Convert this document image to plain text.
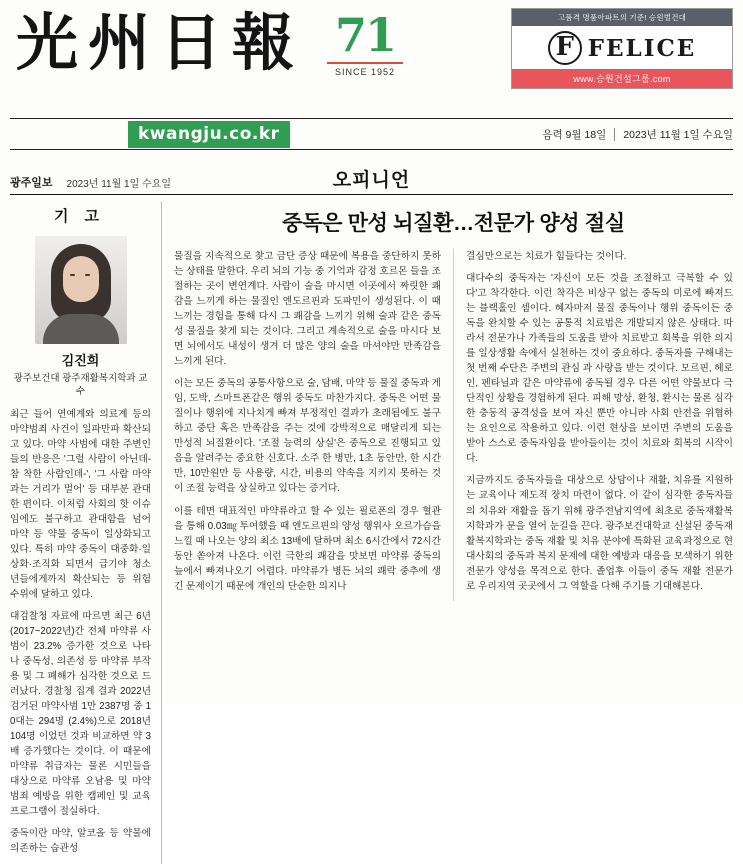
光州日報 71
SINCE 1952
고품격 명품아파트의 기준! 승원벌건대
F FELICE
www.승원건설그룹.com
kwangju.co.kr	음력 9월 18일	2023년 11월 1일 수요일
광주일보 2023년 11월 1일 수요일	오피니언
기고
김진희
광주보건대 광주재활복지학과 교수

최근 들어 연예계와 의료계 등의 마약범죄 사건이 일파만파 확산되고 있다. 마약 사범에 대한 주변인들의 반응은 '그럴 사람이 아닌데- 참 착한 사람인데-', '그 사람 마약과는 거리가 멀어' 등 대부분 관대한 편이다. 이처럼 사회의 핫 이슈임에도 불구하고 관대함을 넘어 마약 등 약물 중독이 일상화되고 있다. 특히 마약 중독이 대중화·일상화·조직화 되면서 급기야 청소년들에게까지 확산되는 등 위험 수위에 달하고 있다.

대검찰청 자료에 따르면 최근 6년(2017~2022년)간 전체 마약류 사범이 23.2% 증가한 것으로 나타나 중독성, 의존성 등 마약류 부작용 및 그 폐해가 심각한 것으로 드러났다. 경찰청 집계 결과 2022년 검거된 마약사범 1만 2387명 중 10대는 294명 (2.4%)으로 2018년 104명 이었던 것과 비교하면 약 3배 증가했다는 것이다. 이 때문에 마약류 취급자는 물론 시민들을 대상으로 마약류 오남용 및 마약 범죄 예방을 위한 캠페인 및 교육 프로그램이 절실하다.

중독이란 마약, 알코올 등 약물에 의존하는 습관성

중독은 만성 뇌질환…전문가 양성 절실

물질을 지속적으로 찾고 금단 증상 때문에 복용을 중단하지 못하는 상태를 말한다. 우리 뇌의 기능 중 기억과 감정 호르몬 들을 조절하는 곳이 변연계다. 사람이 술을 마시면 이곳에서 짜릿한 쾌감을 느끼게 하는 물질인 엔도르핀과 도파민이 생성된다. 이 때 느끼는 경험을 통해 다시 그 쾌감을 느끼기 위해 술과 같은 중독성 물질을 찾게 되는 것이다. 그리고 계속적으로 술을 마시다 보면 뇌에서도 내성이 생겨 더 많은 양의 술을 마셔야만 만족감을 느끼게 된다.

이는 모든 중독의 공통사항으로 술, 담배, 마약 등 물질 중독과 게임, 도박, 스마트폰같은 행위 중독도 마찬가지다. 중독은 어떤 물질이나 행위에 지나치게 빠져 부정적인 결과가 초래됨에도 불구하고 중단 혹은 만족감을 주는 것에 강박적으로 매달리게 되는 만성적 뇌질환이다. '조절 능력의 상실'은 중독으로 진행되고 있음을 알려주는 중요한 신호다. 소주 한 병만, 1초 동안만, 한 시간만, 10만원만 등 사용량, 시간, 비용의 약속을 지키지 못하는 것이 조절 능력을 상실하고 있다는 증거다.

이를 테면 대표적인 마약류라고 할 수 있는 필로폰의 경우 혈관을 통해 0.03㎎ 투여했을 때 엔도르핀의 양성 행위사 오르가슴을 느낄 때 나오는 양의 최소 13배에 달하며 최소 6시간에서 72시간 동안 쏟아져 나온다. 이런 극한의 쾌감을 맛보면 마약류 중독의 늪에서 빠져나오기 어렵다. 마약류가 병든 뇌의 쾌락 중추에 생긴 문제이기 때문에 개인의 단순한 의지나

결심만으로는 치료가 힘들다는 것이다.

대다수의 중독자는 '자신이 모든 것을 조절하고 극복할 수 있다'고 착각한다. 이런 착각은 비상구 없는 중독의 미로에 빠져드는 블랙홀인 셈이다. 혜자마저 물질 중독이나 행위 중독이든 중독을 완치할 수 있는 공통적 치료법은 개발되지 않은 상태다. 따라서 전문가나 가족들의 도움을 받아 치료받고 회복을 위한 의지를 일상생활 속에서 실천하는 것이 중요하다. 중독자를 구해내는 첫 번째 수단은 주변의 관심 과 사랑을 받는 것이다. 모르핀, 헤로인, 펜타닐과 같은 마약류에 중독될 경우 다른 어떤 약물보다 극단적인 상황을 경험하게 된다. 피해 망상, 환청, 환시는 물론 심각한 충동적 공격성을 보여 자신 뿐만 아니라 사회 안전을 위협하는 요인으로 작용하고 있다. 이런 현상을 보이면 주변의 도움을 받아 스스로 중독자임을 받아들이는 것이 치료와 회복의 시작이다.

지금까지도 중독자들을 대상으로 상담이나 재활, 치유를 지원하는 교육이나 제도적 장치 마련이 없다. 이 같이 심각한 중독자들의 치유와 재활을 돕기 위해 광주전남지역에 최초로 중독재활복지학과가 문을 열어 눈길을 끈다. 광주보건대학교 신설된 중독재활복지학과는 중독 재활 및 치유 분야에 특화된 교육과정으로 현대사회의 중독과 복지 문제에 대한 예방과 대응을 모색하기 위한 전문가 양성을 목적으로 한다. 졸업후 이들이 중독 재활 전문가로 우리지역 곳곳에서 그 역할을 다해 주기를 기대해본다.
